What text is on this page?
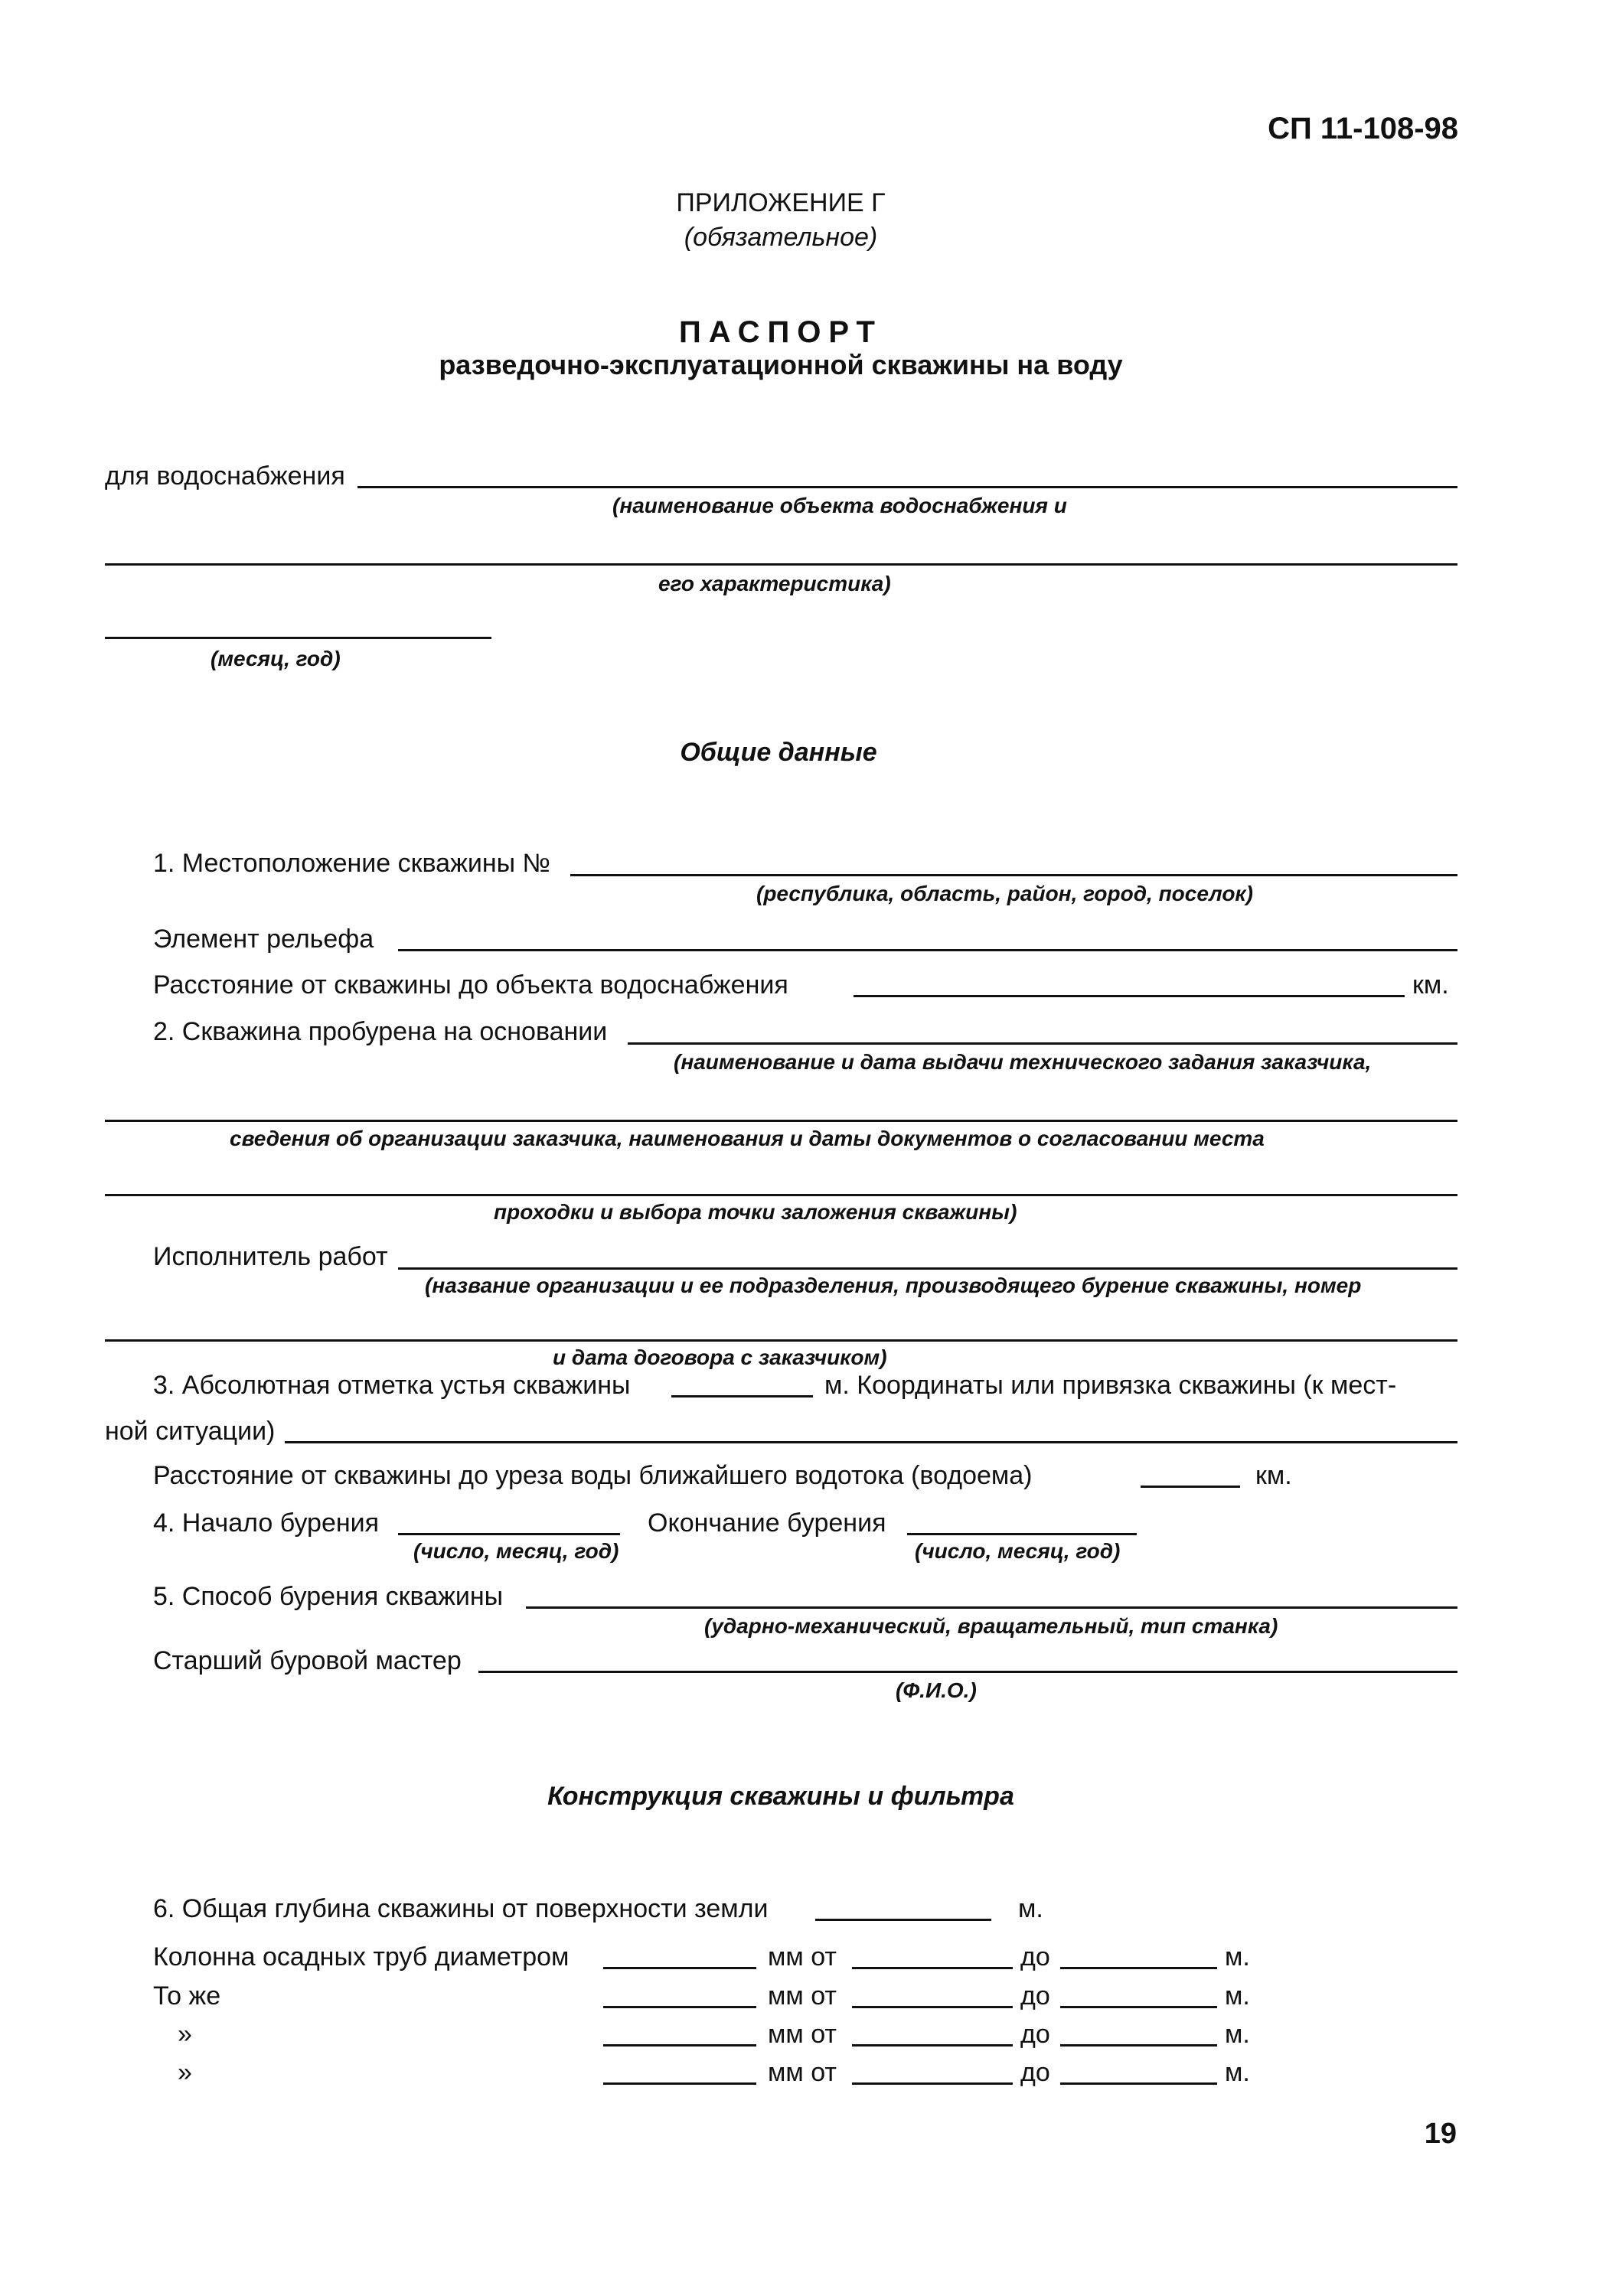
СП 11-108-98
ПРИЛОЖЕНИЕ Г
(обязательное)
ПАСПОРТ
разведочно-эксплуатационной скважины на воду
для водоснабжения
(наименование объекта водоснабжения и
его характеристика)
(месяц, год)
Общие данные
1. Местоположение скважины №
(республика, область, район, город, поселок)
Элемент рельефа
Расстояние от скважины до объекта водоснабжения	км.
2. Скважина пробурена на основании
(наименование и дата выдачи технического задания заказчика,
сведения об организации заказчика, наименования и даты документов о согласовании места
проходки и выбора точки заложения скважины)
Исполнитель работ
(название организации и ее подразделения, производящего бурение скважины, номер
и дата договора с заказчиком)
3. Абсолютная отметка устья скважины	м. Координаты или привязка скважины (к мест-
ной ситуации)
Расстояние от скважины до уреза воды ближайшего водотока (водоема)	км.
4. Начало бурения	Окончание бурения
(число, месяц, год)	(число, месяц, год)
5. Способ бурения скважины
(ударно-механический, вращательный, тип станка)
Старший буровой мастер
(Ф.И.О.)
Конструкция скважины и фильтра
6. Общая глубина скважины от поверхности земли	м.
Колонна осадных труб диаметром	мм от	до	м.
То же	мм от	до	м.
»	мм от	до	м.
»	мм от	до	м.
19
